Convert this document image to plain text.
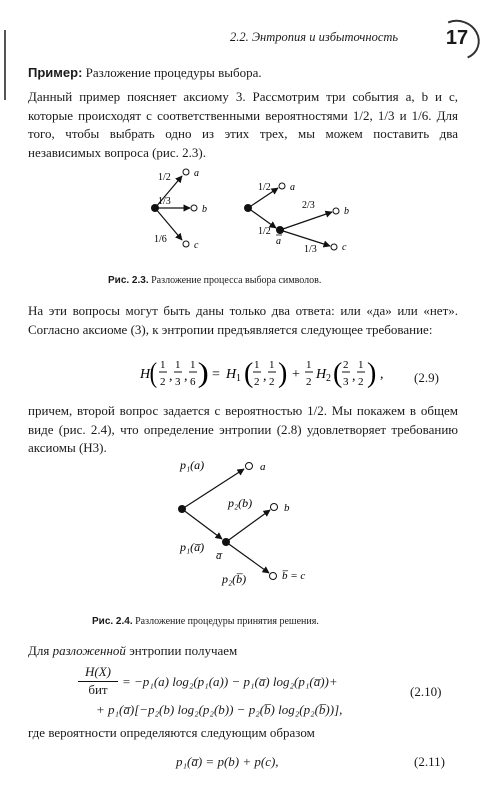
2.2. Энтропия и избыточность 17
Пример: Разложение процедуры выбора.
Данный пример поясняет аксиому 3. Рассмотрим три события a, b и c, которые происходят с соответственными вероятностями 1/2, 1/3 и 1/6. Для того, чтобы выбрать одно из этих трех, мы можем поставить два независимых вопроса (рис. 2.3).
1/2
1/3
1/6
a
b
c
1/2
1/2
a
2/3
b
1/3	c
a
Рис. 2.3. Разложение процесса выбора символов.
На эти вопросы могут быть даны только два ответа: или «да» или «нет». Согласно аксиоме (3), к энтропии предъявляется следующее требование:
H ( 1
2 ,
1
3 ,
1
6 ) = H 1 ( 1
2 ,
1
2 ) +
1
2 H 2 ( 2
3 ,
1
2 ) , (2.9)
причем, второй вопрос задается с вероятностью 1/2. Мы покажем в общем виде (рис. 2.4), что определение энтропии (2.8) удовлетворяет требованию аксиомы (Н3).
p₁(a)	a
p₂(b)	b
p₁(a̅)
a̅
p₂(b̅)	b̅ = c
Рис. 2.4. Разложение процедуры принятия решения.
Для разложенной энтропии получаем
H(X)
бит
= −p₁(a) log₂(p₁(a)) − p₁(a̅) log₂(p₁(a̅))+
(2.10)
+ p₁(a̅)[−p₂(b) log₂(p₂(b)) − p₂(b̅) log₂(p₂(b̅))],
где вероятности определяются следующим образом
p₁(a̅) = p(b) + p(c),	(2.11)
